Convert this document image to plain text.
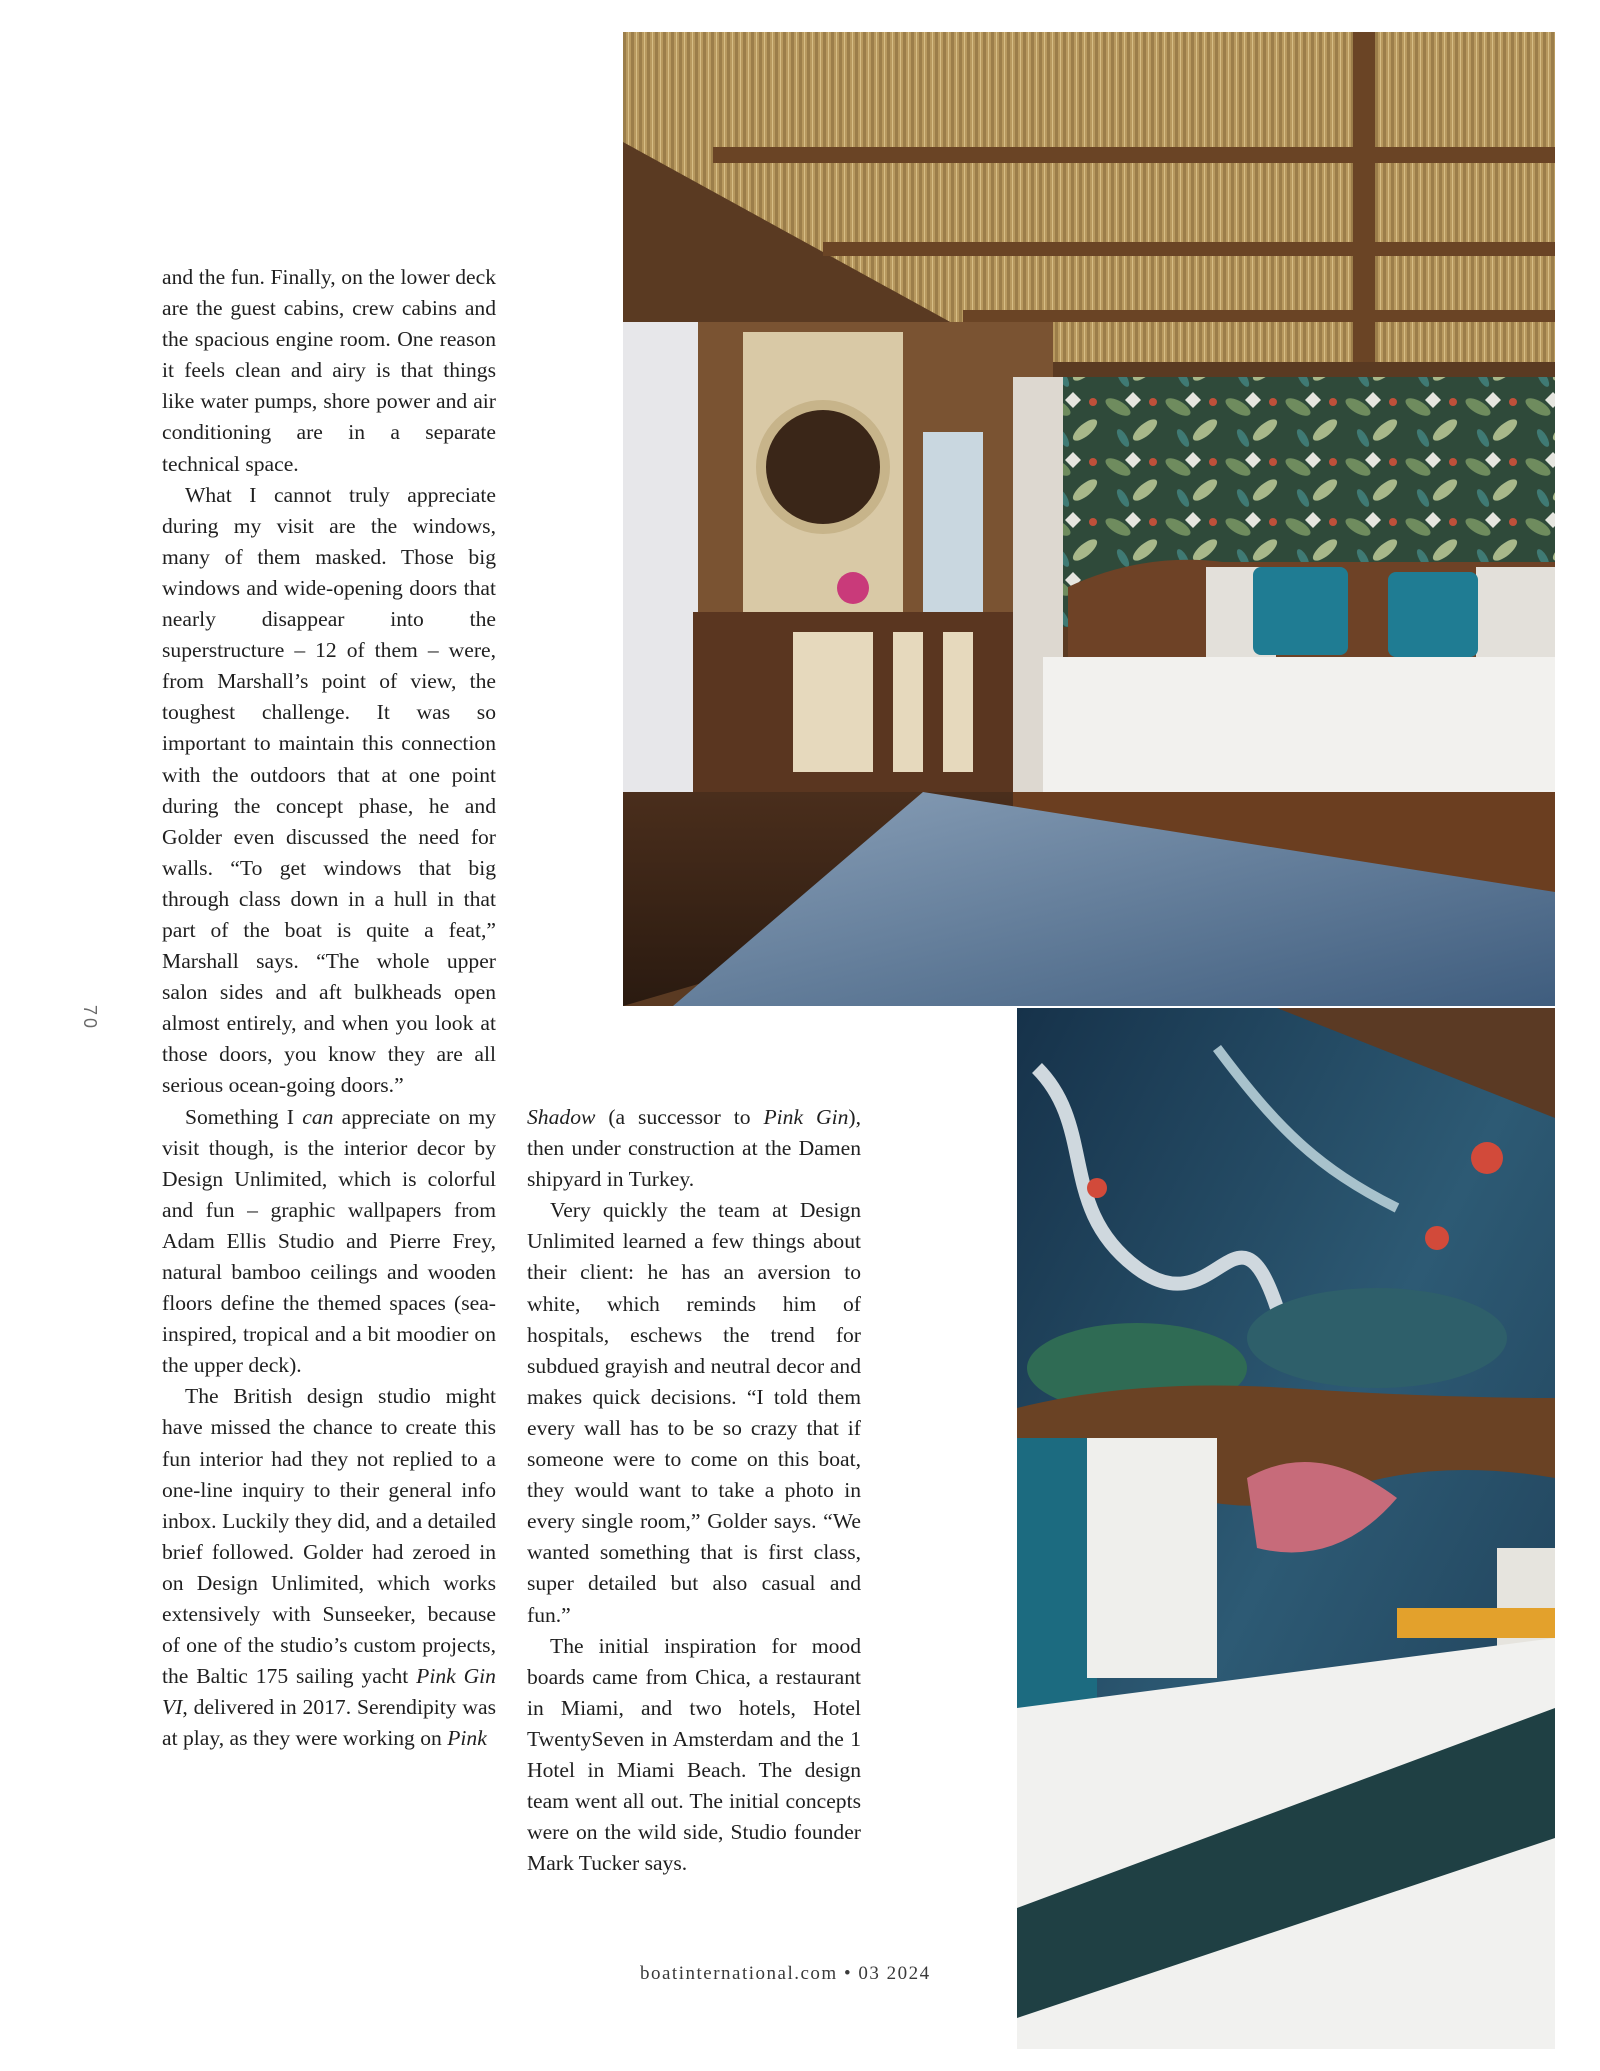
and the fun. Finally, on the lower deck are the guest cabins, crew cabins and the spacious engine room. One reason it feels clean and airy is that things like water pumps, shore power and air conditioning are in a separate technical space.

What I cannot truly appreciate during my visit are the windows, many of them masked. Those big windows and wide-opening doors that nearly disappear into the superstructure – 12 of them – were, from Marshall’s point of view, the toughest challenge. It was so important to maintain this connection with the outdoors that at one point during the concept phase, he and Golder even discussed the need for walls. “To get windows that big through class down in a hull in that part of the boat is quite a feat,” Marshall says. “The whole upper salon sides and aft bulkheads open almost entirely, and when you look at those doors, you know they are all serious ocean-going doors.”

Something I can appreciate on my visit though, is the interior decor by Design Unlimited, which is colorful and fun – graphic wallpapers from Adam Ellis Studio and Pierre Frey, natural bamboo ceilings and wooden floors define the themed spaces (sea-inspired, tropical and a bit moodier on the upper deck).

The British design studio might have missed the chance to create this fun interior had they not replied to a one-line inquiry to their general info inbox. Luckily they did, and a detailed brief followed. Golder had zeroed in on Design Unlimited, which works extensively with Sunseeker, because of one of the studio’s custom projects, the Baltic 175 sailing yacht Pink Gin VI, delivered in 2017. Serendipity was at play, as they were working on Pink

Shadow (a successor to Pink Gin), then under construction at the Damen shipyard in Turkey.

Very quickly the team at Design Unlimited learned a few things about their client: he has an aversion to white, which reminds him of hospitals, eschews the trend for subdued grayish and neutral decor and makes quick decisions. “I told them every wall has to be so crazy that if someone were to come on this boat, they would want to take a photo in every single room,” Golder says. “We wanted something that is first class, super detailed but also casual and fun.”

The initial inspiration for mood boards came from Chica, a restaurant in Miami, and two hotels, Hotel TwentySeven in Amsterdam and the 1 Hotel in Miami Beach. The design team went all out. The initial concepts were on the wild side, Studio founder Mark Tucker says.

70
boatinternational.com • 03 2024
